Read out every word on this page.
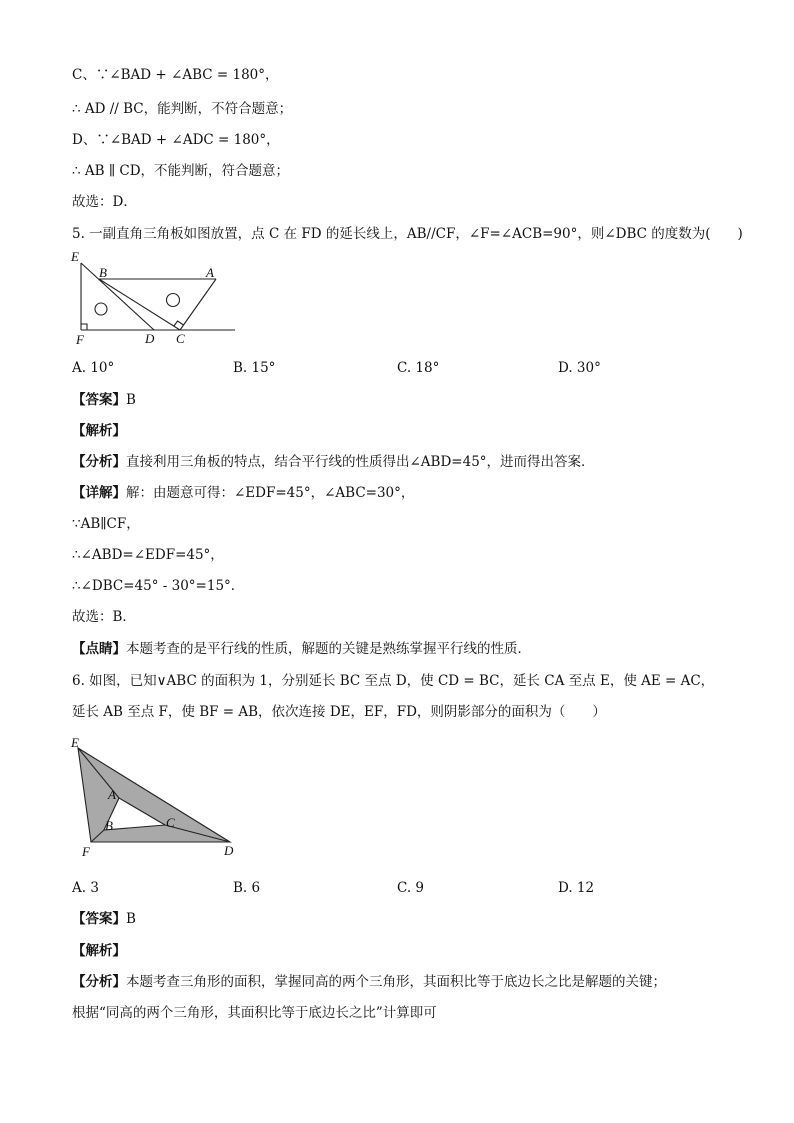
C、∵∠BAD + ∠ABC = 180°，
∴ AD // BC，能判断，不符合题意；
D、∵∠BAD + ∠ADC = 180°，
∴ AB ∥ CD，不能判断，符合题意；
故选：D．
5. 一副直角三角板如图放置，点 C 在 FD 的延长线上，AB//CF，∠F=∠ACB=90°，则∠DBC 的度数为(　　)
E
B	A
F	D C
A. 10°	B. 15°	C. 18°	D. 30°
【答案】B
【解析】
【分析】直接利用三角板的特点，结合平行线的性质得出∠ABD=45°，进而得出答案．
【详解】解：由题意可得：∠EDF=45°，∠ABC=30°，
∵AB∥CF，
∴∠ABD=∠EDF=45°，
∴∠DBC=45° - 30°=15°．
故选：B．
【点睛】本题考查的是平行线的性质，解题的关键是熟练掌握平行线的性质．
6. 如图，已知∨ABC 的面积为 1，分别延长 BC 至点 D，使 CD = BC，延长 CA 至点 E，使 AE = AC，
延长 AB 至点 F，使 BF = AB，依次连接 DE，EF，FD，则阴影部分的面积为（　　）
E
A
B	C
F	D
A. 3	B. 6	C. 9	D. 12
【答案】B
【解析】
【分析】本题考查三角形的面积，掌握同高的两个三角形，其面积比等于底边长之比是解题的关键；
根据“同高的两个三角形，其面积比等于底边长之比”计算即可
